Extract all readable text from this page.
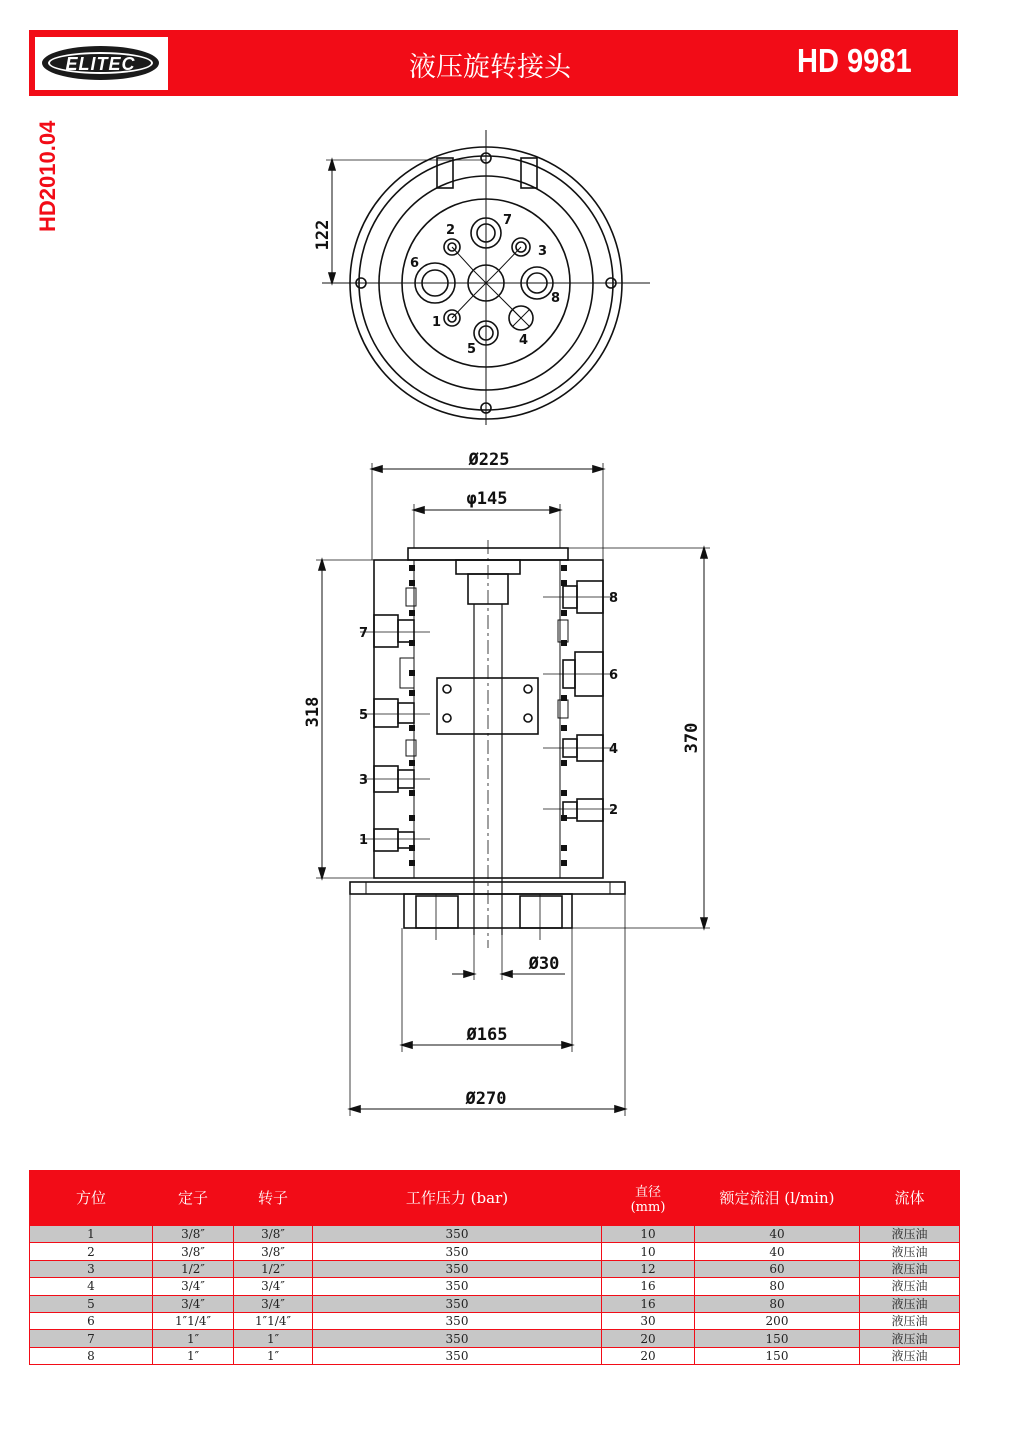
ELITEC	液压旋转接头	HD 9981
HD2010.04
122	2
7
3
6
8
1
4
5
Ø225
φ145
318
370
Ø30
Ø165
Ø270
7
5
3
1
8
6
4
2
方位	定子	转子	工作压力 (bar)	直径
(mm)	额定流泪 (l/min)	流体
1	3/8″	3/8″	350	10	40	液压油
2	3/8″	3/8″	350	10	40	液压油
3	1/2″	1/2″	350	12	60	液压油
4	3/4″	3/4″	350	16	80	液压油
5	3/4″	3/4″	350	16	80	液压油
6	1″1/4″	1″1/4″	350	30	200	液压油
7	1″	1″	350	20	150	液压油
8	1″	1″	350	20	150	液压油
